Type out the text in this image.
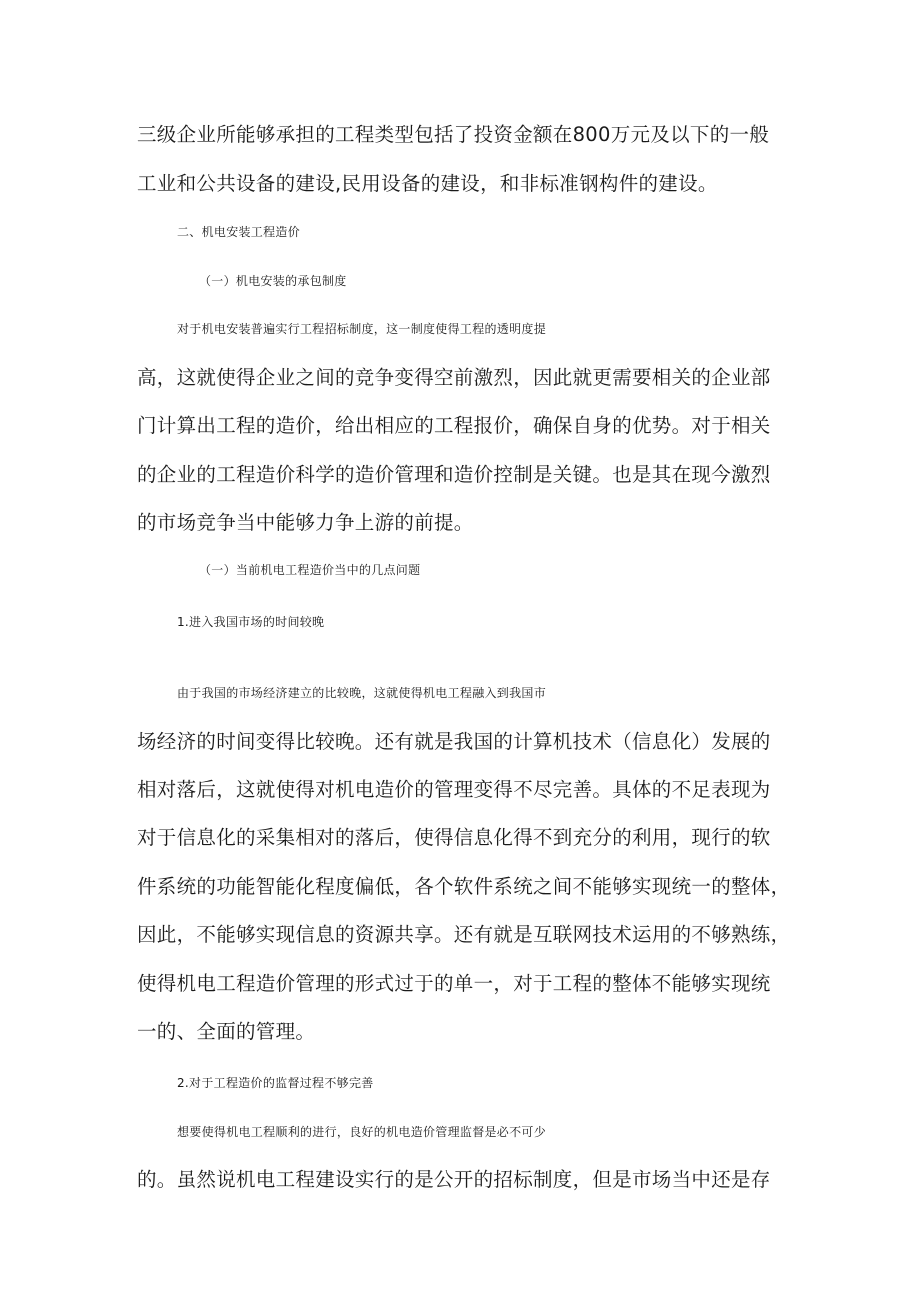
三级企业所能够承担的工程类型包括了投资金额在800万元及以下的一般
工业和公共设备的建设,民用设备的建设，和非标准钢构件的建设。
二、机电安装工程造价
（一）机电安装的承包制度
对于机电安装普遍实行工程招标制度，这一制度使得工程的透明度提
高，这就使得企业之间的竞争变得空前激烈，因此就更需要相关的企业部
门计算出工程的造价，给出相应的工程报价，确保自身的优势。对于相关
的企业的工程造价科学的造价管理和造价控制是关键。也是其在现今激烈
的市场竞争当中能够力争上游的前提。
（一）当前机电工程造价当中的几点问题
1.进入我国市场的时间较晚
由于我国的市场经济建立的比较晚，这就使得机电工程融入到我国市
场经济的时间变得比较晚。还有就是我国的计算机技术（信息化）发展的
相对落后，这就使得对机电造价的管理变得不尽完善。具体的不足表现为
对于信息化的采集相对的落后，使得信息化得不到充分的利用，现行的软
件系统的功能智能化程度偏低，各个软件系统之间不能够实现统一的整体，
因此，不能够实现信息的资源共享。还有就是互联网技术运用的不够熟练，
使得机电工程造价管理的形式过于的单一，对于工程的整体不能够实现统
一的、全面的管理。
2.对于工程造价的监督过程不够完善
想要使得机电工程顺利的进行，良好的机电造价管理监督是必不可少
的。虽然说机电工程建设实行的是公开的招标制度，但是市场当中还是存
